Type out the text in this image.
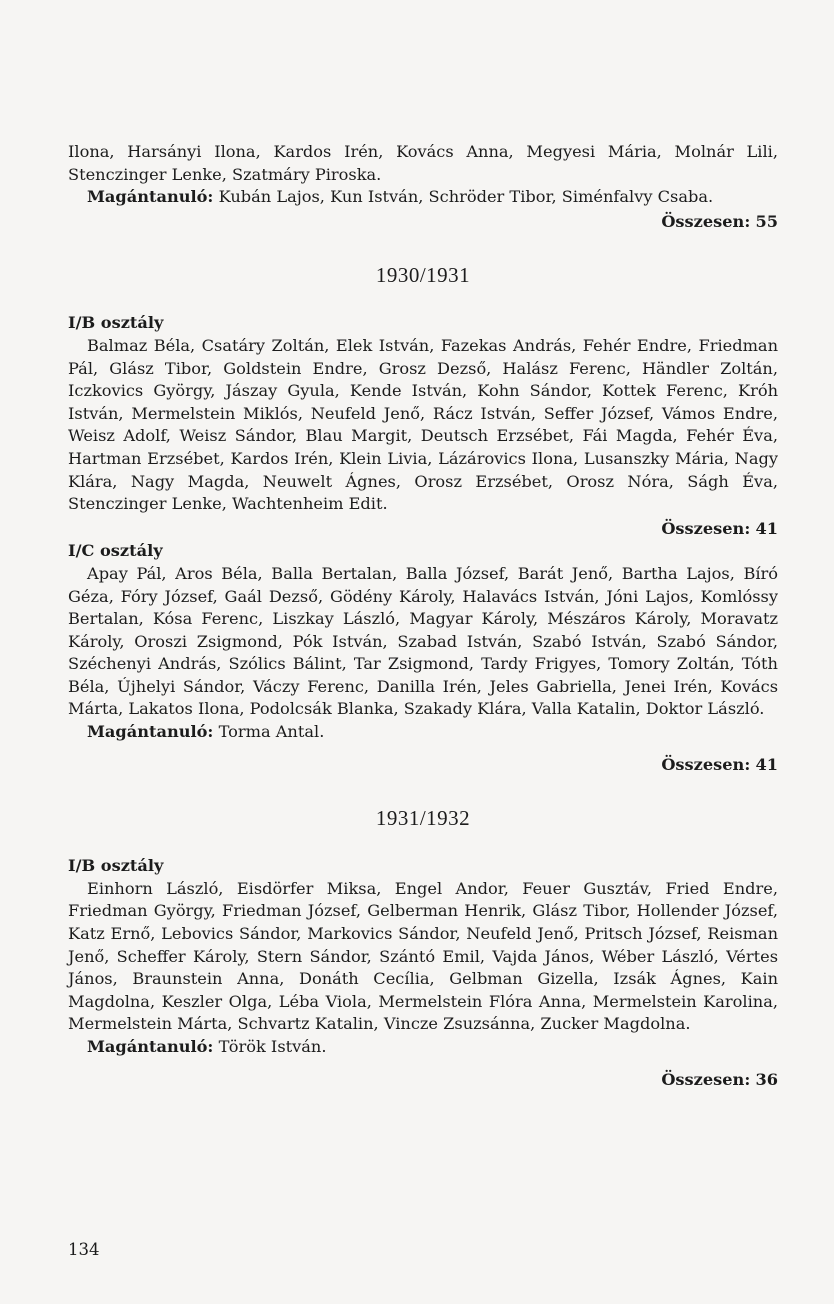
Ilona, Harsányi Ilona, Kardos Irén, Kovács Anna, Megyesi Mária, Molnár Lili, Stenczinger Lenke, Szatmáry Piroska.

Magántanuló: Kubán Lajos, Kun István, Schröder Tibor, Siménfalvy Csaba.

Összesen: 55

1930/1931
I/B osztály

Balmaz Béla, Csatáry Zoltán, Elek István, Fazekas András, Fehér Endre, Friedman Pál, Glász Tibor, Goldstein Endre, Grosz Dezső, Halász Ferenc, Händler Zoltán, Iczkovics György, Jászay Gyula, Kende István, Kohn Sándor, Kottek Ferenc, Króh István, Mermelstein Miklós, Neufeld Jenő, Rácz István, Seffer József, Vámos Endre, Weisz Adolf, Weisz Sándor, Blau Margit, Deutsch Erzsébet, Fái Magda, Fehér Éva, Hartman Erzsébet, Kardos Irén, Klein Livia, Lázárovics Ilona, Lusanszky Mária, Nagy Klára, Nagy Magda, Neuwelt Ágnes, Orosz Erzsébet, Orosz Nóra, Ságh Éva, Stenczinger Lenke, Wachtenheim Edit.

Összesen: 41

I/C osztály

Apay Pál, Aros Béla, Balla Bertalan, Balla József, Barát Jenő, Bartha Lajos, Bíró Géza, Fóry József, Gaál Dezső, Gödény Károly, Halavács István, Jóni Lajos, Komlóssy Bertalan, Kósa Ferenc, Liszkay László, Magyar Károly, Mészáros Károly, Moravatz Károly, Oroszi Zsigmond, Pók István, Szabad István, Szabó István, Szabó Sándor, Széchenyi András, Szólics Bálint, Tar Zsigmond, Tardy Frigyes, Tomory Zoltán, Tóth Béla, Újhelyi Sándor, Váczy Ferenc, Danilla Irén, Jeles Gabriella, Jenei Irén, Kovács Márta, Lakatos Ilona, Podolcsák Blanka, Szakady Klára, Valla Katalin, Doktor László.

Magántanuló: Torma Antal.

Összesen: 41

1931/1932
I/B osztály

Einhorn László, Eisdörfer Miksa, Engel Andor, Feuer Gusztáv, Fried Endre, Friedman György, Friedman József, Gelberman Henrik, Glász Tibor, Hollender József, Katz Ernő, Lebovics Sándor, Markovics Sándor, Neufeld Jenő, Pritsch József, Reisman Jenő, Scheffer Károly, Stern Sándor, Szántó Emil, Vajda János, Wéber László, Vértes János, Braunstein Anna, Donáth Cecília, Gelbman Gizella, Izsák Ágnes, Kain Magdolna, Keszler Olga, Léba Viola, Mermelstein Flóra Anna, Mermelstein Karolina, Mermelstein Márta, Schvartz Katalin, Vincze Zsuzsánna, Zucker Magdolna.

Magántanuló: Török István.

Összesen: 36

134
